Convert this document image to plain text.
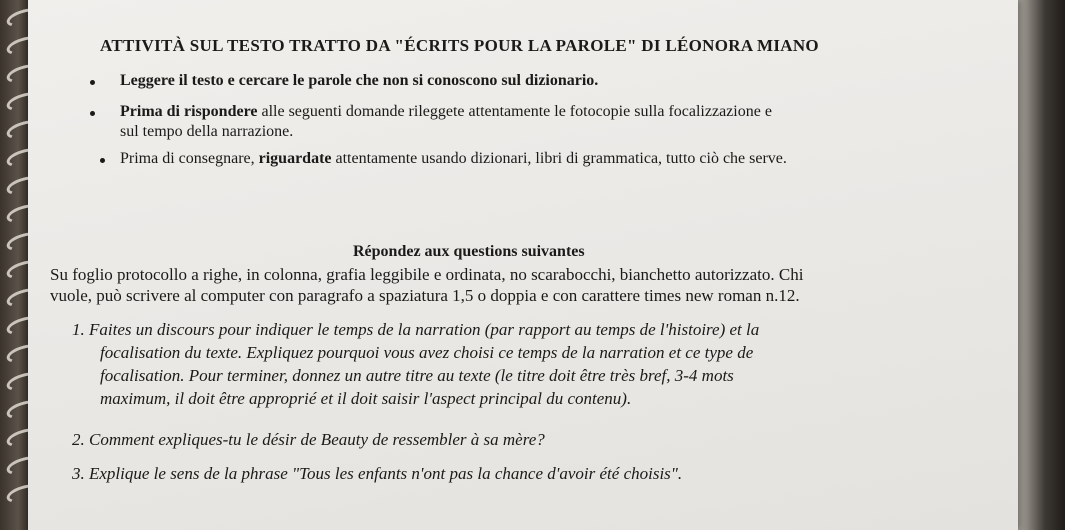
ATTIVITÀ SUL TESTO TRATTO DA "ÉCRITS POUR LA PAROLE" DI LÉONORA MIANO
Leggere il testo e cercare le parole che non si conoscono sul dizionario.
Prima di rispondere alle seguenti domande rileggete attentamente le fotocopie sulla focalizzazione e
sul tempo della narrazione.
Prima di consegnare, riguardate attentamente usando dizionari, libri di grammatica, tutto ciò che serve.
Répondez aux questions suivantes
Su foglio protocollo a righe, in colonna, grafia leggibile e ordinata, no scarabocchi, bianchetto autorizzato. Chi
vuole, può scrivere al computer con paragrafo a spaziatura 1,5 o doppia e con carattere times new roman n.12.
1. Faites un discours pour indiquer le temps de la narration (par rapport au temps de l'histoire) et la
focalisation du texte. Expliquez pourquoi vous avez choisi ce temps de la narration et ce type de
focalisation. Pour terminer, donnez un autre titre au texte (le titre doit être très bref, 3-4 mots
maximum, il doit être approprié et il doit saisir l'aspect principal du contenu).
2. Comment expliques-tu le désir de Beauty de ressembler à sa mère?
3. Explique le sens de la phrase "Tous les enfants n'ont pas la chance d'avoir été choisis".
